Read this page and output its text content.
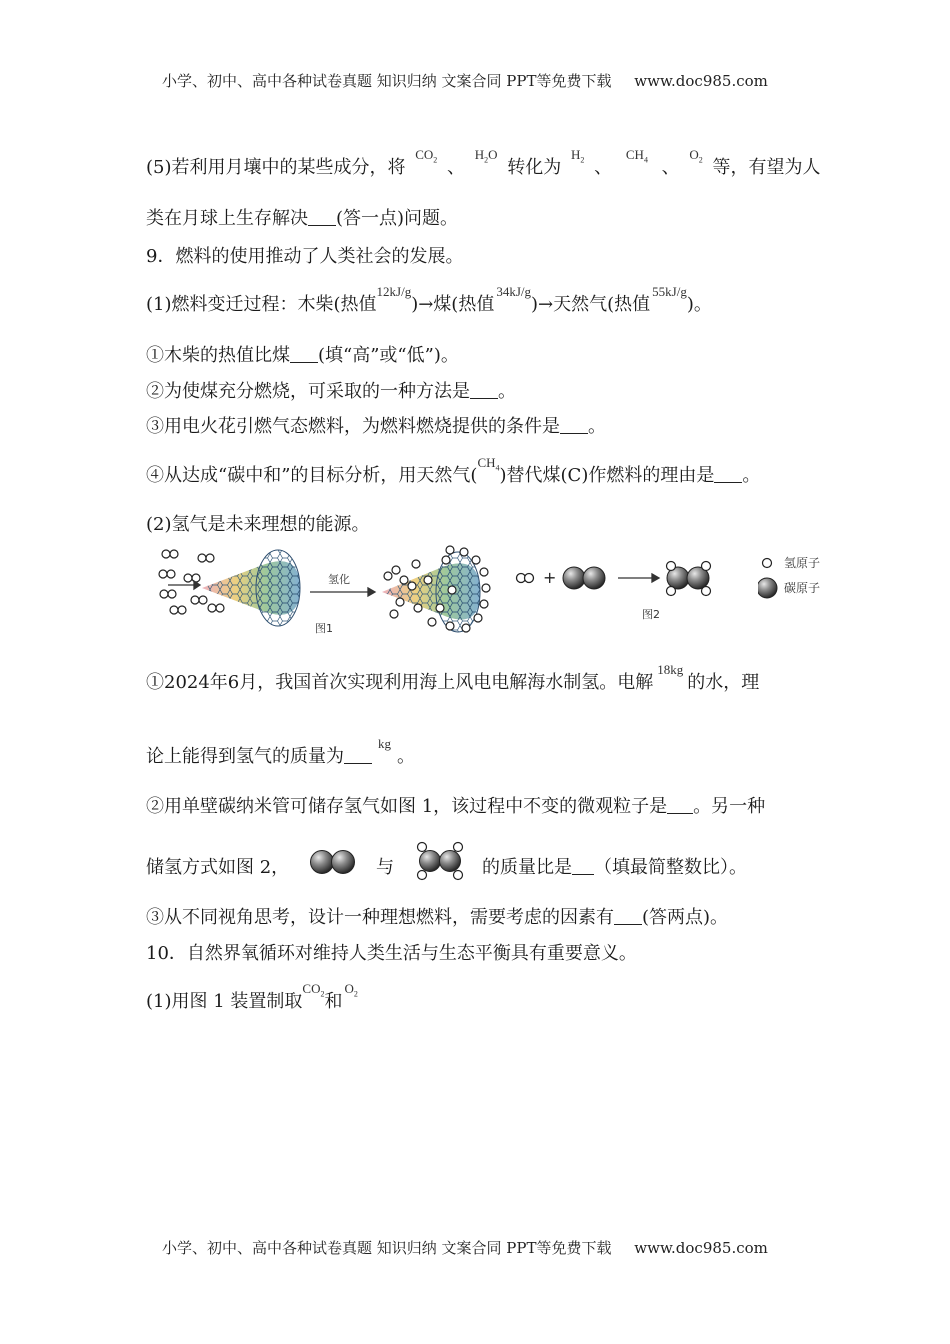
小学、初中、高中各种试卷真题 知识归纳 文案合同 PPT等免费下载 www.doc985.com
(5)若利用月壤中的某些成分，将 $^{CO_2}$ 、 $^{H_2O}$ 转化为 $^{H_2}$ 、 $^{CH_4}$ 、 $^{O_2}$ 等，有望为人
类在月球上生存解决 (答一点)问题。
9．燃料的使用推动了人类社会的发展。
(1)燃料变迁过程：木柴(热值$^{12kJ/g}$)→煤(热值$^{34kJ/g}$)→天然气(热值$^{55kJ/g}$)。
①木柴的热值比煤 (填“高”或“低”)。
②为使煤充分燃烧，可采取的一种方法是 。
③用电火花引燃气态燃料，为燃料燃烧提供的条件是 。
④从达成“碳中和”的目标分析，用天然气($^{CH_4}$)替代煤(C)作燃料的理由是 。
(2)氢气是未来理想的能源。
氢化
图1
+
图2
氢原子
碳原子
①2024年6月，我国首次实现利用海上风电电解海水制氢。电解$^{18kg}$的水，理
论上能得到氢气的质量为$^{kg}$。
②用单壁碳纳米管可储存氢气如图 1，该过程中不变的微观粒子是 。另一种
储氢方式如图 2，	与	的质量比是 （填最简整数比）。
③从不同视角思考，设计一种理想燃料，需要考虑的因素有 (答两点)。
10．自然界氧循环对维持人类生活与生态平衡具有重要意义。
(1)用图 1 装置制取$^{CO_2}$和$^{O_2}$
小学、初中、高中各种试卷真题 知识归纳 文案合同 PPT等免费下载 www.doc985.com
